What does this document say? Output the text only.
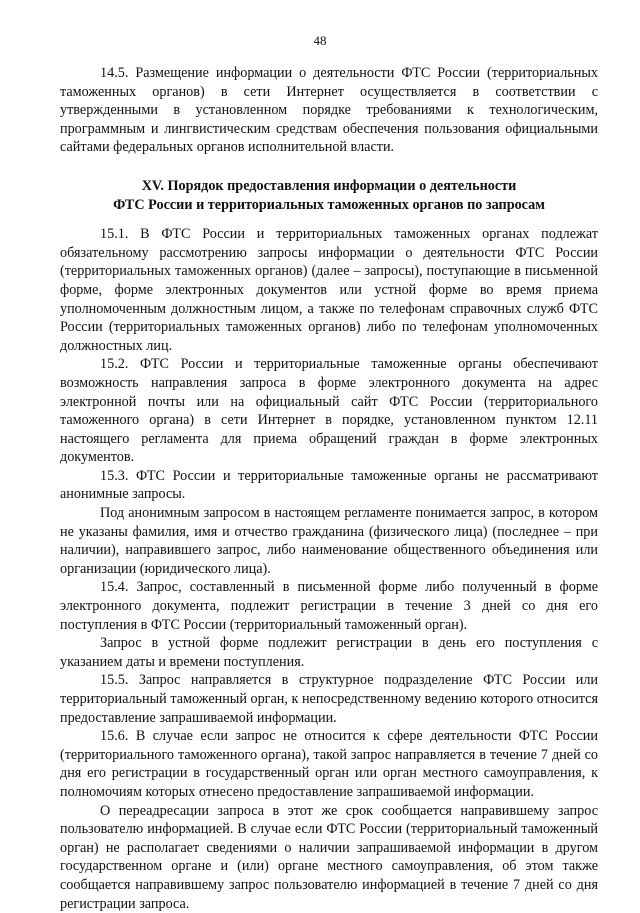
48

14.5. Размещение информации о деятельности ФТС России (территориальных таможенных органов) в сети Интернет осуществляется в соответствии с утвержденными в установленном порядке требованиями к технологическим, программным и лингвистическим средствам обеспечения пользования официальными сайтами федеральных органов исполнительной власти.

XV. Порядок предоставления информации о деятельности
ФТС России и территориальных таможенных органов по запросам

15.1. В ФТС России и территориальных таможенных органах подлежат обязательному рассмотрению запросы информации о деятельности ФТС России (территориальных таможенных органов) (далее – запросы), поступающие в письменной форме, форме электронных документов или устной форме во время приема уполномоченным должностным лицом, а также по телефонам справочных служб ФТС России (территориальных таможенных органов) либо по телефонам уполномоченных должностных лиц.

15.2. ФТС России и территориальные таможенные органы обеспечивают возможность направления запроса в форме электронного документа на адрес электронной почты или на официальный сайт ФТС России (территориального таможенного органа) в сети Интернет в порядке, установленном пунктом 12.11 настоящего регламента для приема обращений граждан в форме электронных документов.

15.3. ФТС России и территориальные таможенные органы не рассматривают анонимные запросы.

Под анонимным запросом в настоящем регламенте понимается запрос, в котором не указаны фамилия, имя и отчество гражданина (физического лица) (последнее – при наличии), направившего запрос, либо наименование общественного объединения или организации (юридического лица).

15.4. Запрос, составленный в письменной форме либо полученный в форме электронного документа, подлежит регистрации в течение 3 дней со дня его поступления в ФТС России (территориальный таможенный орган).

Запрос в устной форме подлежит регистрации в день его поступления с указанием даты и времени поступления.

15.5. Запрос направляется в структурное подразделение ФТС России или территориальный таможенный орган, к непосредственному ведению которого относится предоставление запрашиваемой информации.

15.6. В случае если запрос не относится к сфере деятельности ФТС России (территориального таможенного органа), такой запрос направляется в течение 7 дней со дня его регистрации в государственный орган или орган местного самоуправления, к полномочиям которых отнесено предоставление запрашиваемой информации.

О переадресации запроса в этот же срок сообщается направившему запрос пользователю информацией. В случае если ФТС России (территориальный таможенный орган) не располагает сведениями о наличии запрашиваемой информации в другом государственном органе и (или) органе местного самоуправления, об этом также сообщается направившему запрос пользователю информацией в течение 7 дней со дня регистрации запроса.
